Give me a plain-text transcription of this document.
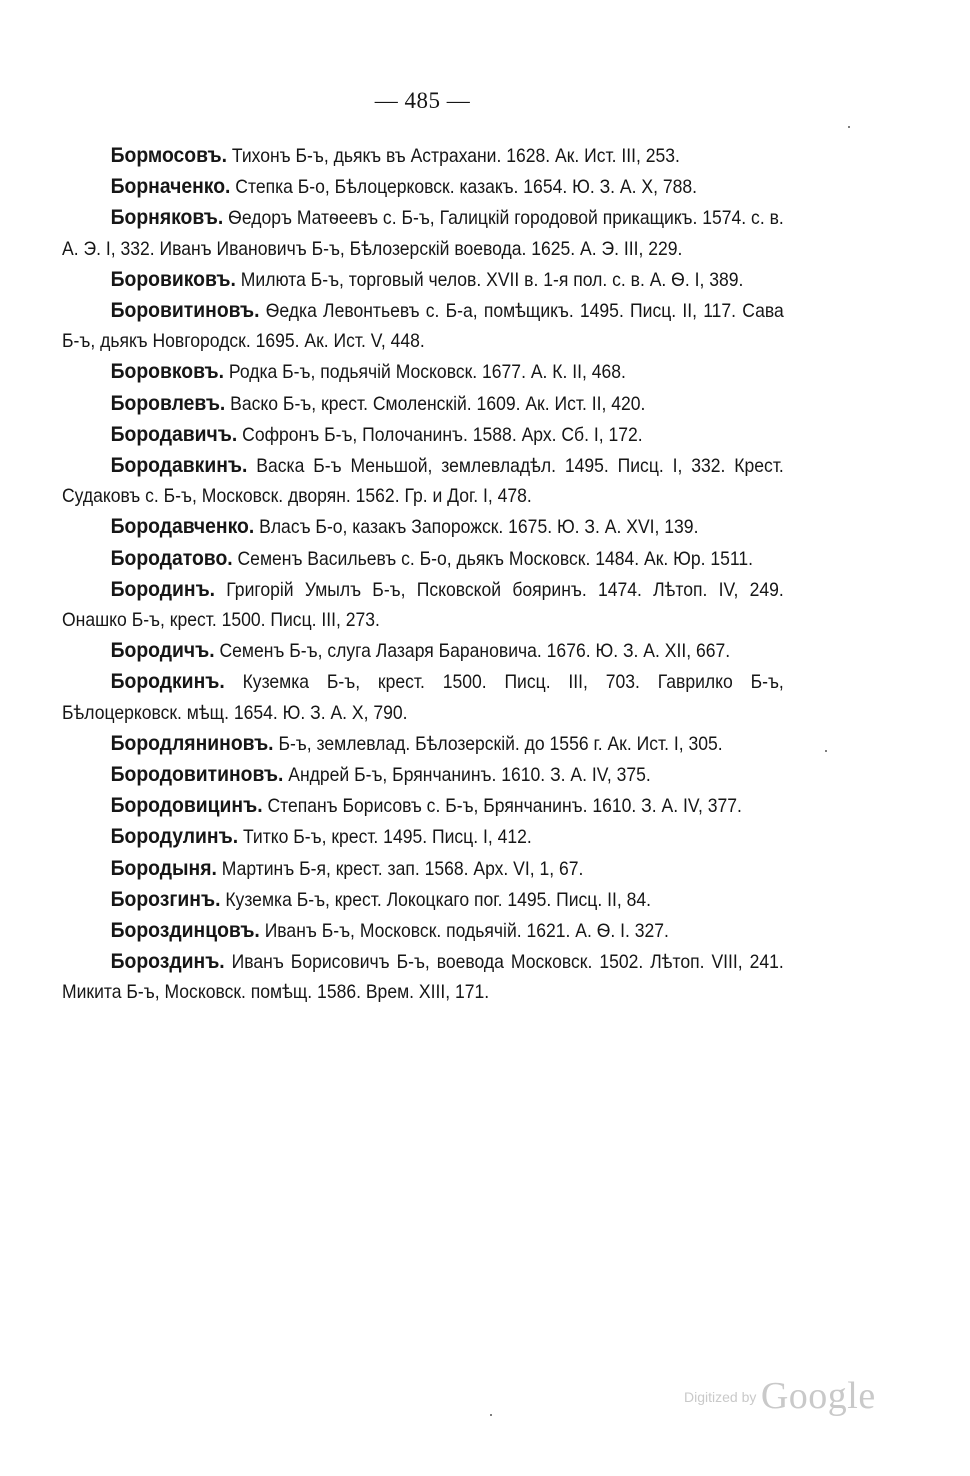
— 485 —

Бормосовъ. Тихонъ Б-ъ, дьякъ въ Астрахани. 1628. Ак. Ист. III, 253.

Борначенко. Степка Б-о, Бѣлоцерковск. казакъ. 1654. Ю. З. А. X, 788.

Борняковъ. Ѳедоръ Матѳеевъ с. Б-ъ, Галицкій городовой прикащикъ. 1574. с. в. А. Э. I, 332. Иванъ Ивановичъ Б-ъ, Бѣлозерскій воевода. 1625. А. Э. III, 229.

Боровиковъ. Милюта Б-ъ, торговый челов. XVII в. 1-я пол. с. в. А. Ѳ. I, 389.

Боровитиновъ. Ѳедка Левонтьевъ с. Б-а, помѣщикъ. 1495. Писц. II, 117. Сава Б-ъ, дьякъ Новгородск. 1695. Ак. Ист. V, 448.

Боровковъ. Родка Б-ъ, подьячій Московск. 1677. А. К. II, 468.

Боровлевъ. Васко Б-ъ, крест. Смоленскій. 1609. Ак. Ист. II, 420.

Бородавичъ. Софронъ Б-ъ, Полочанинъ. 1588. Арх. Сб. I, 172.

Бородавкинъ. Васка Б-ъ Меньшой, землевладѣл. 1495. Писц. I, 332. Крест. Судаковъ с. Б-ъ, Московск. дворян. 1562. Гр. и Дог. I, 478.

Бородавченко. Власъ Б-о, казакъ Запорожск. 1675. Ю. З. А. XVI, 139.

Бородатово. Семенъ Васильевъ с. Б-о, дьякъ Московск. 1484. Ак. Юр. 1511.

Бородинъ. Григорій Умылъ Б-ъ, Псковской бояринъ. 1474. Лѣтоп. IV, 249. Онашко Б-ъ, крест. 1500. Писц. III, 273.

Бородичъ. Семенъ Б-ъ, слуга Лазаря Барановича. 1676. Ю. З. А. XII, 667.

Бородкинъ. Куземка Б-ъ, крест. 1500. Писц. III, 703. Гаврилко Б-ъ, Бѣлоцерковск. мѣщ. 1654. Ю. З. А. X, 790.

Бородляниновъ. Б-ъ, землевлад. Бѣлозерскій. до 1556 г. Ак. Ист. I, 305.

Бородовитиновъ. Андрей Б-ъ, Брянчанинъ. 1610. З. А. IV, 375.

Бородовицинъ. Степанъ Борисовъ с. Б-ъ, Брянчанинъ. 1610. З. А. IV, 377.

Бородулинъ. Титко Б-ъ, крест. 1495. Писц. I, 412.

Бородыня. Мартинъ Б-я, крест. зап. 1568. Арх. VI, 1, 67.

Борозгинъ. Куземка Б-ъ, крест. Локоцкаго пог. 1495. Писц. II, 84.

Бороздинцовъ. Иванъ Б-ъ, Московск. подьячій. 1621. А. Ѳ. I. 327.

Бороздинъ. Иванъ Борисовичъ Б-ъ, воевода Московск. 1502. Лѣтоп. VIII, 241. Микита Б-ъ, Московск. помѣщ. 1586. Врем. XIII, 171.

Digitized by Google
